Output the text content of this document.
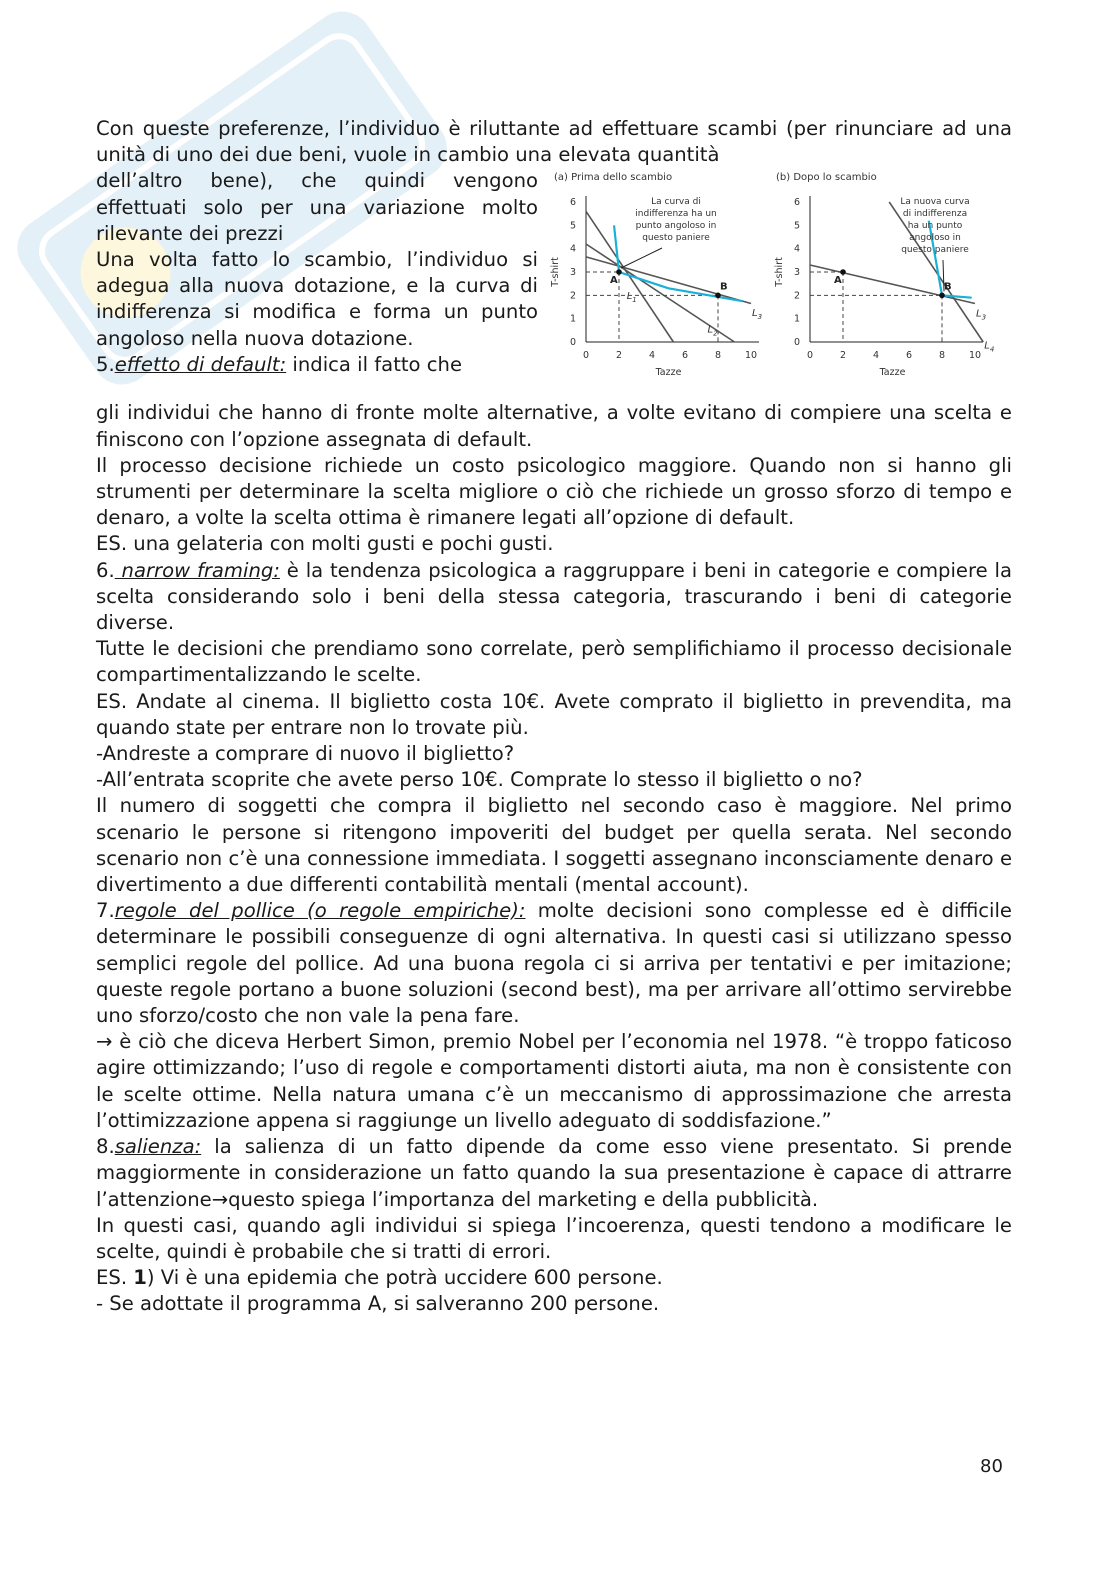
Con queste preferenze, l’individuo è riluttante ad effettuare scambi (per rinunciare ad una unità di uno dei due beni, vuole in cambio una elevata quantità

(a) Prima dello scambio
0	2	4	6	8	10
0
1
2
3
4
5
6
Tazze
T-shirt
$L_1$
$L_2$
$L_3$
A
B
La curva di
indifferenza ha un
punto angoloso in
questo paniere
(b) Dopo lo scambio
0	2	4	6	8	10
0
1
2
3
4
5
6
Tazze
T-shirt
$L_4$
$L_3$
A
B
La nuova curva
di indifferenza
ha un punto
angoloso in
questo paniere

dell’altro bene), che quindi vengono effettuati solo per una variazione molto rilevante dei prezzi

Una volta fatto lo scambio, l’individuo si adegua alla nuova dotazione, e la curva di indifferenza si modifica e forma un punto angoloso nella nuova dotazione.

5.effetto di default: indica il fatto che

gli individui che hanno di fronte molte alternative, a volte evitano di compiere una scelta e finiscono con l’opzione assegnata di default.

Il processo decisione richiede un costo psicologico maggiore. Quando non si hanno gli strumenti per determinare la scelta migliore o ciò che richiede un grosso sforzo di tempo e denaro, a volte la scelta ottima è rimanere legati all’opzione di default.

ES. una gelateria con molti gusti e pochi gusti.

6. narrow framing: è la tendenza psicologica a raggruppare i beni in categorie e compiere la scelta considerando solo i beni della stessa categoria, trascurando i beni di categorie diverse.

Tutte le decisioni che prendiamo sono correlate, però semplifichiamo il processo decisionale compartimentalizzando le scelte.

ES. Andate al cinema. Il biglietto costa 10€. Avete comprato il biglietto in prevendita, ma quando state per entrare non lo trovate più.

-Andreste a comprare di nuovo il biglietto?

-All’entrata scoprite che avete perso 10€. Comprate lo stesso il biglietto o no?

Il numero di soggetti che compra il biglietto nel secondo caso è maggiore. Nel primo scenario le persone si ritengono impoveriti del budget per quella serata. Nel secondo scenario non c’è una connessione immediata. I soggetti assegnano inconsciamente denaro e divertimento a due differenti contabilità mentali (mental account).

7.regole del pollice (o regole empiriche): molte decisioni sono complesse ed è difficile determinare le possibili conseguenze di ogni alternativa. In questi casi si utilizzano spesso semplici regole del pollice. Ad una buona regola ci si arriva per tentativi e per imitazione; queste regole portano a buone soluzioni (second best), ma per arrivare all’ottimo servirebbe uno sforzo/costo che non vale la pena fare.

→ è ciò che diceva Herbert Simon, premio Nobel per l’economia nel 1978. “è troppo faticoso agire ottimizzando; l’uso di regole e comportamenti distorti aiuta, ma non è consistente con le scelte ottime. Nella natura umana c’è un meccanismo di approssimazione che arresta l’ottimizzazione appena si raggiunge un livello adeguato di soddisfazione.”

8.salienza: la salienza di un fatto dipende da come esso viene presentato. Si prende maggiormente in considerazione un fatto quando la sua presentazione è capace di attrarre l’attenzione→questo spiega l’importanza del marketing e della pubblicità.

In questi casi, quando agli individui si spiega l’incoerenza, questi tendono a modificare le scelte, quindi è probabile che si tratti di errori.

ES. 1) Vi è una epidemia che potrà uccidere 600 persone.

- Se adottate il programma A, si salveranno 200 persone.

80
